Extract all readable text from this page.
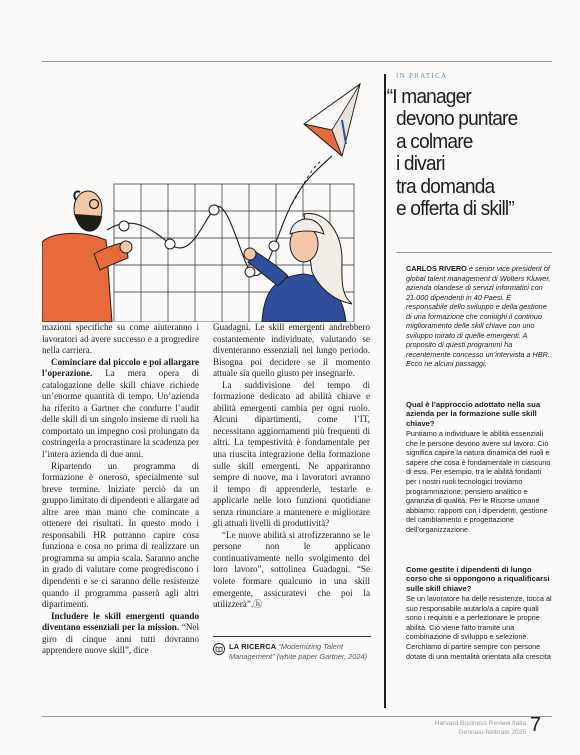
mazioni specifiche su come aiuteranno i lavoratori ad avere successo e a progredire nella carriera.

Cominciare dal piccolo e poi allargare l’operazione. La mera opera di catalogazione delle skill chiave richiede un’enorme quantità di tempo. Un’azienda ha riferito a Gartner che condurre l’audit delle skill di un singolo insieme di ruoli ha comportato un impegno così prolungato da costringerla a procrastinare la scadenza per l’intera azienda di due anni.

Ripartendo un programma di formazione è oneroso, specialmente sul breve termine. Iniziate perciò da un gruppo limitato di dipendenti e allargate ad altre aree man mano che comincate a ottenere dei risultati. In questo modo i responsabili HR potranno capire cosa funziona e cosa no prima di realizzare un programma su ampia scala. Saranno anche in grado di valutare come progrediscono i dipendenti e se ci saranno delle resistenze quando il programma passerà agli altri dipartimenti.

Includere le skill emergenti quando diventano essenziali per la mission. “Nel giro di cinque anni tutti dovranno apprendere nuove skill”, dice

Guadagni. Le skill emergenti andrebbero costantemente individuate, valutando se diventeranno essenziali nel lungo periodo. Bisogna poi decidere se il momento attuale sia quello giusto per insegnarle.

La suddivisione del tempo di formazione dedicato ad abilità chiave e abilità emergenti cambia per ogni ruolo. Alcuni dipartimenti, come l’IT, necessitano aggiornamenti più frequenti di altri. La tempestività è fondamentale per una riuscita integrazione della formazione sulle skill emergenti. Ne appariranno sempre di nuove, ma i lavoratori avranno il tempo di apprenderle, testarle e applicarle nelle loro funzioni quotidiane senza rinunciare a mantenere e migliorare gli attuali livelli di produttività?

“Le nuove abilità si atrofizzeranno se le persone non le applicano continuativamente nello svolgimento del loro lavoro”, sottolinea Guadagni. “Se volete formare qualcuno in una skill emergente, assicuratevi che poi la utilizzerà”.ⓗ

LA RICERCA “Modernizing Talent Management” (white paper Gartner, 2024)
IN PRATICA
“I manager
devono puntare
a colmare
i divari
tra domanda
e offerta di skill”
CARLOS RIVERO è senior vice president of global talent management di Wolters Kluwer, azienda olandese di servizi informatici con 21.000 dipendenti in 40 Paesi. È responsabile dello sviluppo e della gestione di una formazione che coniughi il continuo miglioramento delle skill chiave con uno sviluppo mirato di quelle emergenti. A proposito di questi programmi ha recentemente concesso un’intervista a HBR. Ecco ne alcuni passaggi.
Qual è l’approccio adottato nella sua azienda per la formazione sulle skill chiave?
Puntiamo a individuare le abilità essenziali che le persone devono avere sul lavoro. Ciò significa capire la natura dinamica dei ruoli e sapere che cosa è fondamentale in ciascuno di essi. Per esempio, tra le abilità fondanti per i nostri ruoli tecnologici troviamo programmazione, pensiero analitico e garanzia di qualità. Per le Risorse umane abbiamo: rapporti con i dipendenti, gestione del cambiamento e progettazione dell’organizzazione.
Come gestite i dipendenti di lungo corso che si oppongono a riqualificarsi sulle skill chiave?
Se un lavoratore ha delle resistenze, tocca al suo responsabile aiutarlo/a a capire quali sono i requisiti e a perfezionare le proprie abilità. Ciò viene fatto tramite una combinazione di sviluppo e selezione. Cerchiamo di partire sempre con persone dotate di una mentalità orientata alla crescita
Harvard Business Review Italia
Gennaio-febbraio 2025 7
